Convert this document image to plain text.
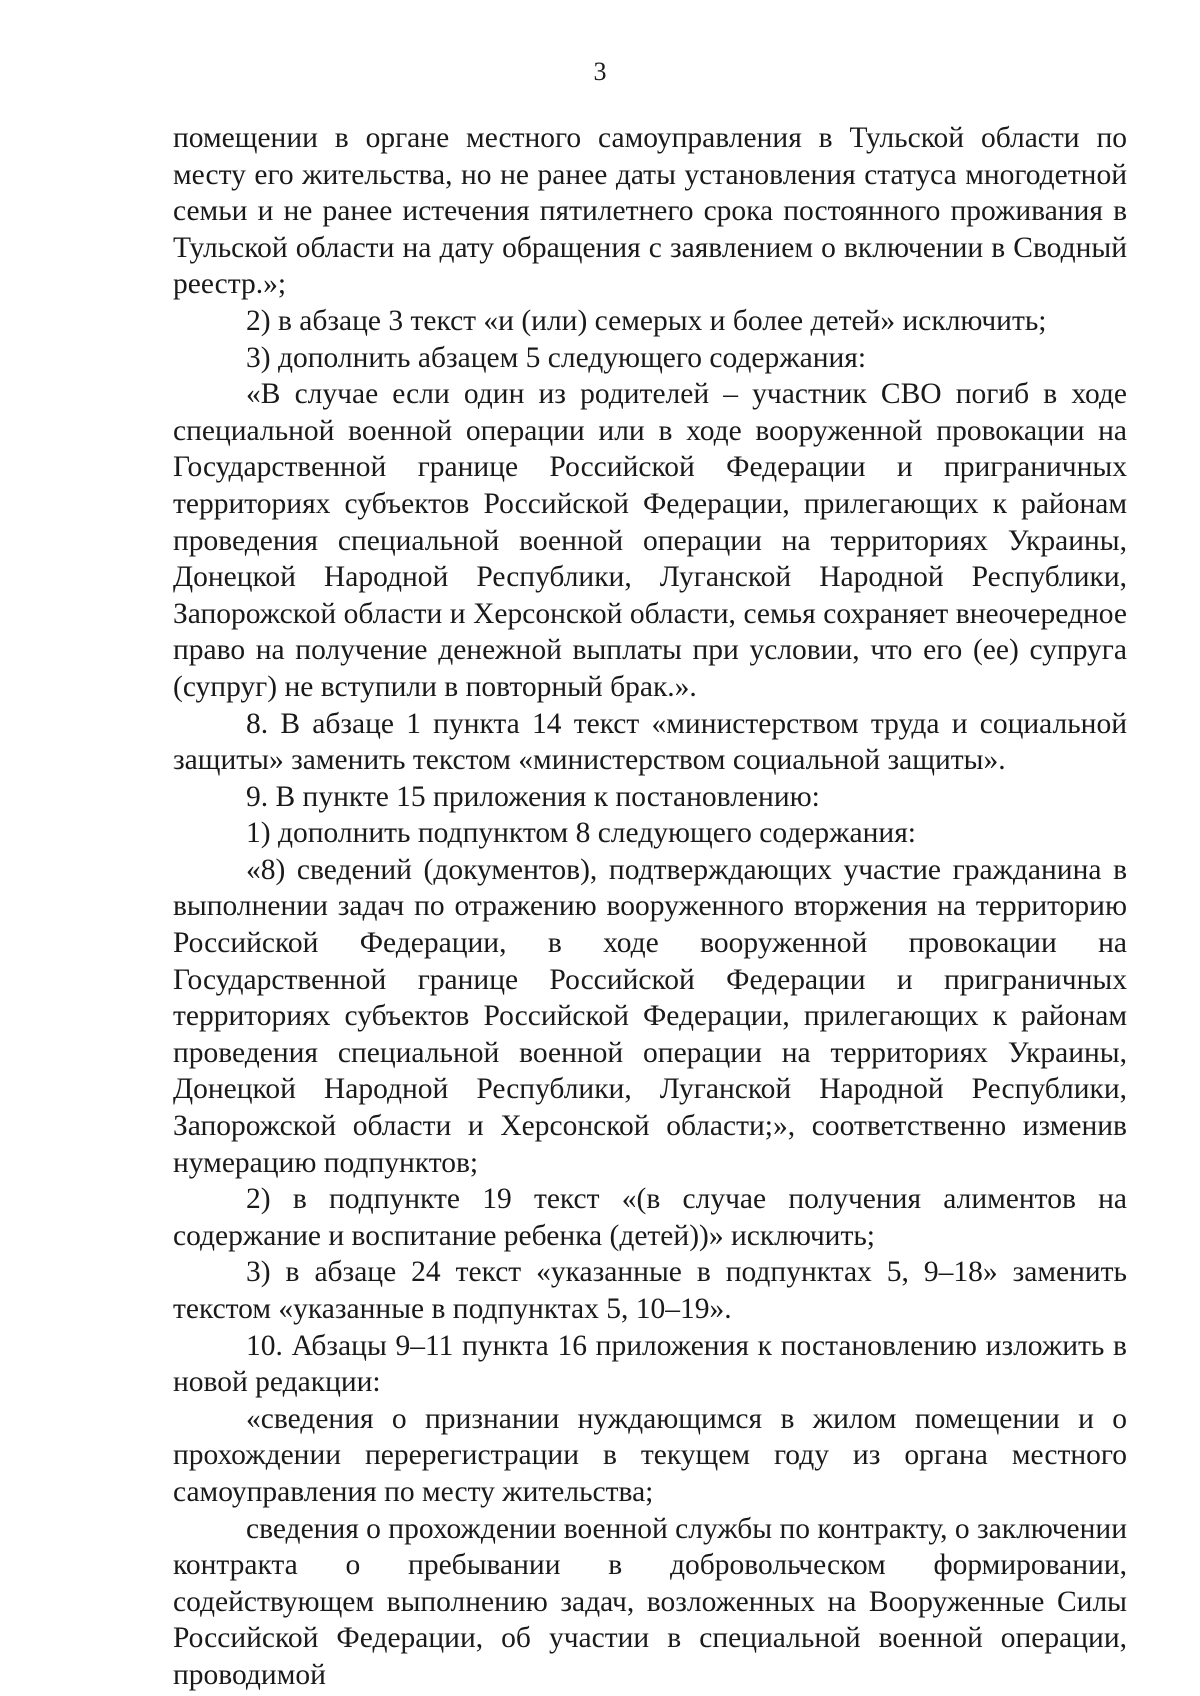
3

помещении в органе местного самоуправления в Тульской области по месту его жительства, но не ранее даты установления статуса многодетной семьи и не ранее истечения пятилетнего срока постоянного проживания в Тульской области на дату обращения с заявлением о включении в Сводный реестр.»;

2) в абзаце 3 текст «и (или) семерых и более детей» исключить;

3) дополнить абзацем 5 следующего содержания:

«В случае если один из родителей – участник СВО погиб в ходе специальной военной операции или в ходе вооруженной провокации на Государственной границе Российской Федерации и приграничных территориях субъектов Российской Федерации, прилегающих к районам проведения специальной военной операции на территориях Украины, Донецкой Народной Республики, Луганской Народной Республики, Запорожской области и Херсонской области, семья сохраняет внеочередное право на получение денежной выплаты при условии, что его (ее) супруга (супруг) не вступили в повторный брак.».

8. В абзаце 1 пункта 14 текст «министерством труда и социальной защиты» заменить текстом «министерством социальной защиты».

9. В пункте 15 приложения к постановлению:

1) дополнить подпунктом 8 следующего содержания:

«8) сведений (документов), подтверждающих участие гражданина в выполнении задач по отражению вооруженного вторжения на территорию Российской Федерации, в ходе вооруженной провокации на Государственной границе Российской Федерации и приграничных территориях субъектов Российской Федерации, прилегающих к районам проведения специальной военной операции на территориях Украины, Донецкой Народной Республики, Луганской Народной Республики, Запорожской области и Херсонской области;», соответственно изменив нумерацию подпунктов;

2) в подпункте 19 текст «(в случае получения алиментов на содержание и воспитание ребенка (детей))» исключить;

3) в абзаце 24 текст «указанные в подпунктах 5, 9–18» заменить текстом «указанные в подпунктах 5, 10–19».

10. Абзацы 9–11 пункта 16 приложения к постановлению изложить в новой редакции:

«сведения о признании нуждающимся в жилом помещении и о прохождении перерегистрации в текущем году из органа местного самоуправления по месту жительства;

сведения о прохождении военной службы по контракту, о заключении контракта о пребывании в добровольческом формировании, содействующем выполнению задач, возложенных на Вооруженные Силы Российской Федерации, об участии в специальной военной операции, проводимой
